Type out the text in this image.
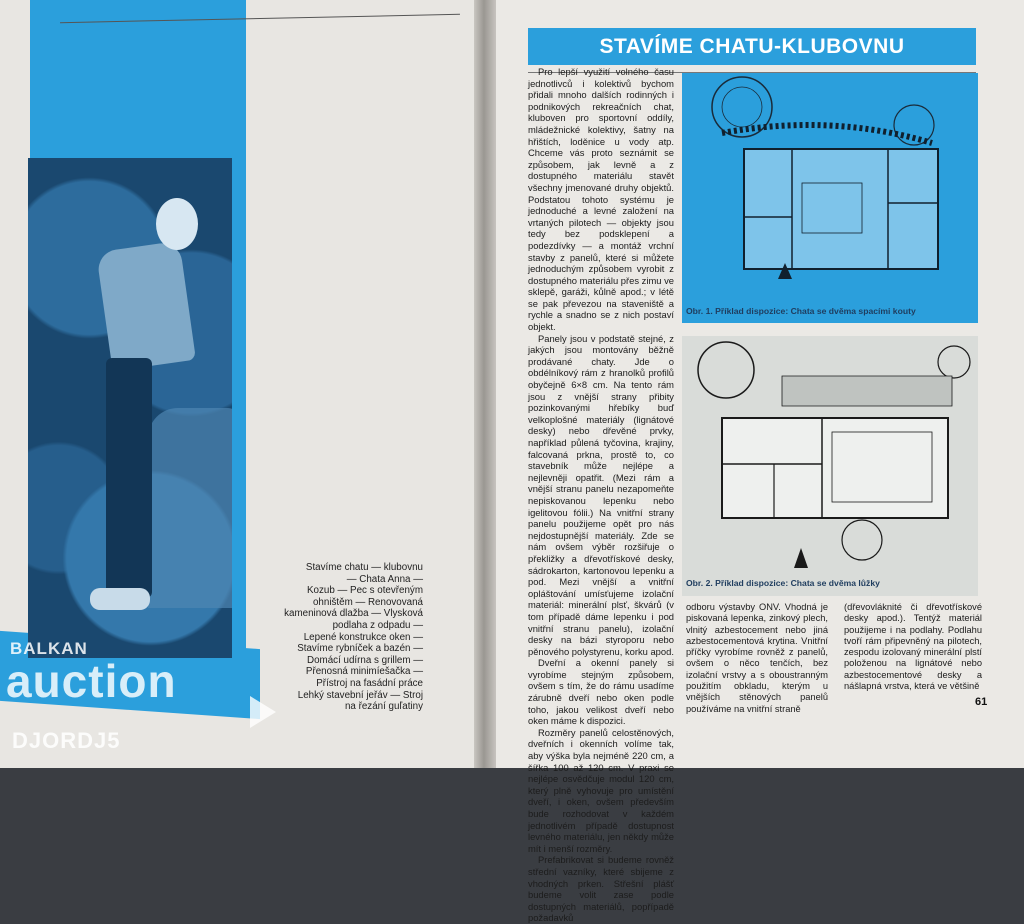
Stavíme chatu — klubovnu

— Chata Anna —

Kozub — Pec s otevřeným

ohništěm — Renovovaná

kameninová dlažba — Vlysková

podlaha z odpadu —

Lepené konstrukce oken —

Stavíme rybníček a bazén —

Domácí udírna s grillem —

Přenosná minimíešačka —

Přístroj na fasádní práce

Lehký stavební jeřáv — Stroj

na řezání guľatiny

BALKAN
auction
DJORDJ5
STAVÍME CHATU-KLUBOVNU

Pro lepší využití volného času jednotlivců i kolektivů bychom přidali mnoho dalších rodinných i podnikových rekreačních chat, kluboven pro sportovní oddíly, mládežnické kolektivy, šatny na hřištích, loděnice u vody atp. Chceme vás proto seznámit se způsobem, jak levně a z dostupného materiálu stavět všechny jmenované druhy objektů. Podstatou tohoto systému je jednoduché a levné založení na vrtaných pilotech — objekty jsou tedy bez podsklepení a podezdívky — a montáž vrchní stavby z panelů, které si můžete jednoduchým způsobem vyrobit z dostupného materiálu přes zimu ve sklepě, garáži, kůlně apod.; v létě se pak převezou na staveniště a rychle a snadno se z nich postaví objekt.

Panely jsou v podstatě stejné, z jakých jsou montovány běžně prodávané chaty. Jde o obdélníkový rám z hranolků profilů obyčejně 6×8 cm. Na tento rám jsou z vnější strany přibity pozinkovanými hřebíky buď velkoplošné materiály (lignátové desky) nebo dřevěné prvky, například půlená tyčovina, krajiny, falcovaná prkna, prostě to, co stavebník může nejlépe a nejlevněji opatřit. (Mezi rám a vnější stranu panelu nezapomeňte nepiskovanou lepenku nebo igelitovou fólii.) Na vnitřní strany panelu použijeme opět pro nás nejdostupnější materiály. Zde se nám ovšem výběr rozšiřuje o překližky a dřevotřískové desky, sádrokarton, kartonovou lepenku a pod. Mezi vnější a vnitřní opláštování umísťujeme izolační materiál: minerální plsť, škvárů (v tom případě dáme lepenku i pod vnitřní stranu panelu), izolační desky na bázi styroporu nebo pěnového polystyrenu, korku apod.

Dveřní a okenní panely si vyrobíme stejným způsobem, ovšem s tím, že do rámu usadíme zárubně dveří nebo oken podle toho, jakou velikost dveří nebo oken máme k dispozici.

Rozměry panelů celostěnových, dveřních i okenních volíme tak, aby výška byla nejméně 220 cm, a šířka 100 až 120 cm. V praxi se nejlépe osvědčuje modul 120 cm, který plně vyhovuje pro umístění dveří, i oken, ovšem především bude rozhodovat v každém jednotlivém případě dostupnost levného materiálu, jen někdy může mít i menší rozměry.

Prefabrikovat si budeme rovněž střední vazníky, které sbijeme z vhodných prken. Střešní plášť budeme volit zase podle dostupných materiálů, popřípadě požadavků

Obr. 1. Příklad dispozice: Chata se dvěma spacími kouty
Obr. 2. Příklad dispozice: Chata se dvěma lůžky

odboru výstavby ONV. Vhodná je piskovaná lepenka, zinkový plech, vlnitý azbestocement nebo jiná azbestocementová krytina. Vnitřní příčky vyrobíme rovněž z panelů, ovšem o něco tenčích, bez izolační vrstvy a s oboustranným použitím obkladu, kterým u vnějších stěnových panelů používáme na vnitřní straně

(dřevovláknité či dřevotřískové desky apod.). Tentýž materiál použijeme i na podlahy. Podlahu tvoří rám připevněný na pilotech, zespodu izolovaný minerální plstí položenou na lignátové nebo azbestocementové desky a nášlapná vrstva, která ve většině

61
